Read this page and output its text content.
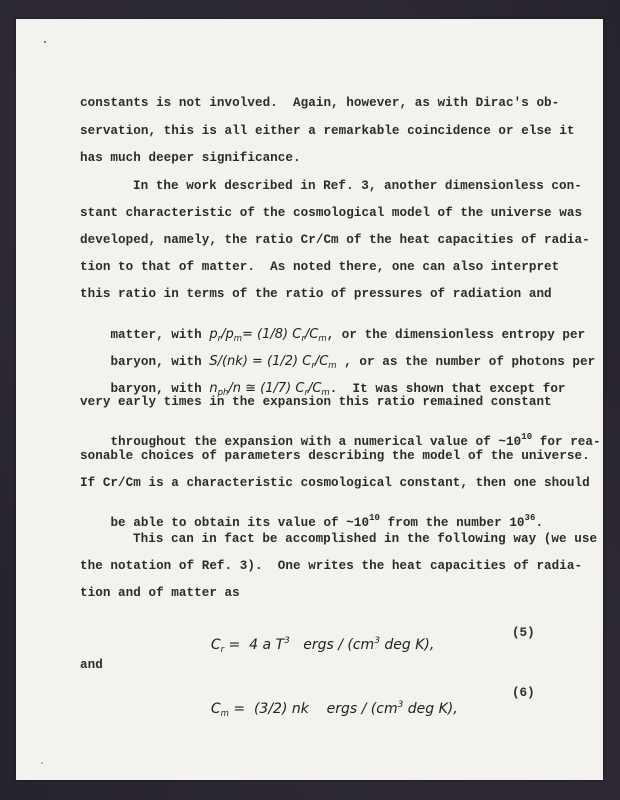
constants is not involved.  Again, however, as with Dirac's ob-
servation, this is all either a remarkable coincidence or else it
has much deeper significance.
In the work described in Ref. 3, another dimensionless con-
stant characteristic of the cosmological model of the universe was
developed, namely, the ratio Cr/Cm of the heat capacities of radia-
tion to that of matter.  As noted there, one can also interpret
this ratio in terms of the ratio of pressures of radiation and

matter, with $p_r/p_m= (1/8)$ $C_r/C_m$, or the dimensionless entropy per

baryon, with S/(nk) = (1/2) $C_r/C_m$ , or as the number of photons per

baryon, with $n_{ph}/n$ ≅ (1/7) $C_r/C_m$.  It was shown that except for

very early times in the expansion this ratio remained constant

throughout the expansion with a numerical value of $\sim 10^{10}$ for rea-

sonable choices of parameters describing the model of the universe.
If Cr/Cm is a characteristic cosmological constant, then one should

be able to obtain its value of $\sim 10^{10}$ from the number $10^{36}$.

This can in fact be accomplished in the following way (we use
the notation of Ref. 3).  One writes the heat capacities of radia-
tion and of matter as

$C_r = 4$ a $T^3$   ergs / ($cm^3$ deg K),

(5)
and

$C_m = (3/2)$ nk    ergs / ($cm^3$ deg K),

(6)
